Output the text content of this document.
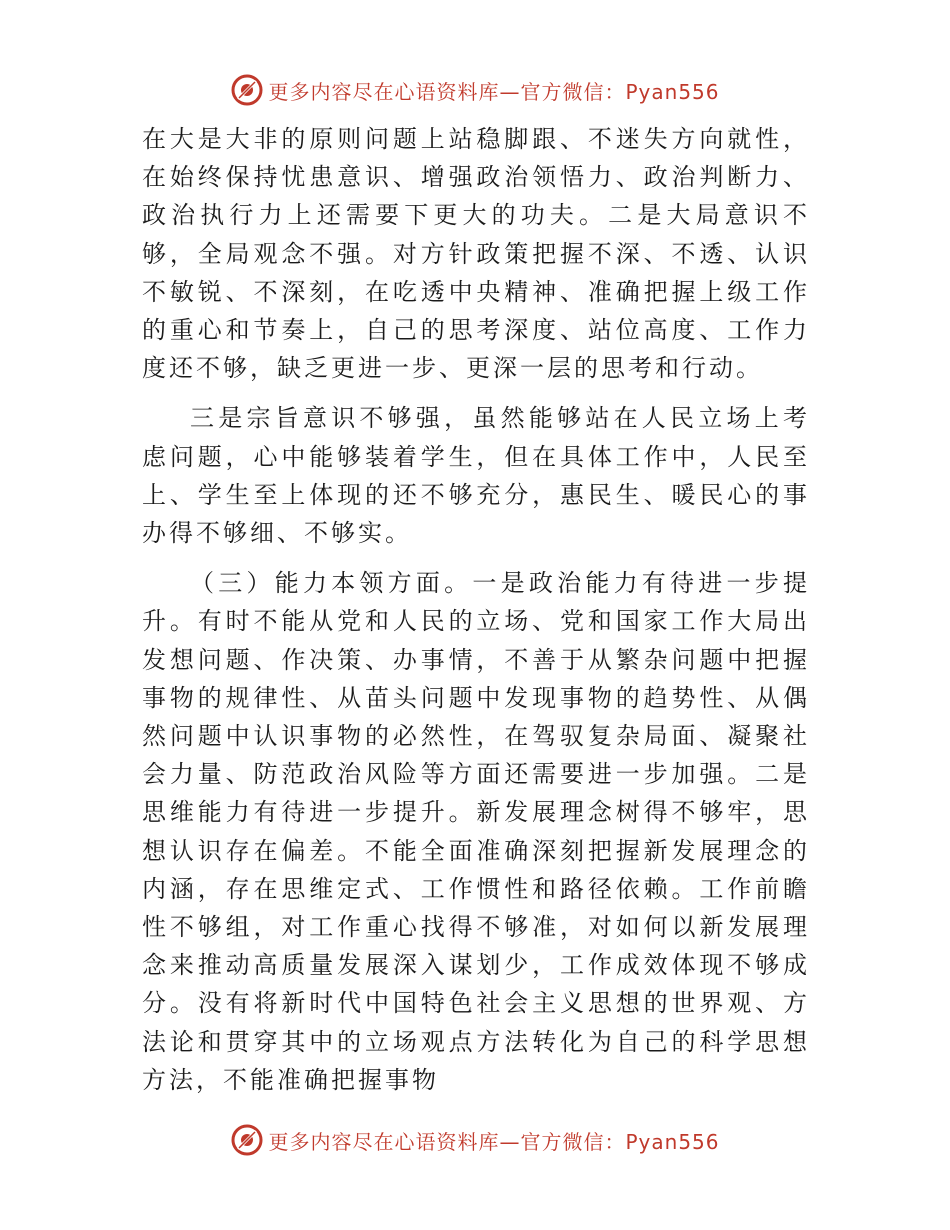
更多内容尽在心语资料库—官方微信：Pyan556

在大是大非的原则问题上站稳脚跟、不迷失方向就性，在始终保持忧患意识、增强政治领悟力、政治判断力、政治执行力上还需要下更大的功夫。二是大局意识不够，全局观念不强。对方针政策把握不深、不透、认识不敏锐、不深刻，在吃透中央精神、准确把握上级工作的重心和节奏上，自己的思考深度、站位高度、工作力度还不够，缺乏更进一步、更深一层的思考和行动。

三是宗旨意识不够强，虽然能够站在人民立场上考虑问题，心中能够装着学生，但在具体工作中，人民至上、学生至上体现的还不够充分，惠民生、暖民心的事办得不够细、不够实。

（三）能力本领方面。一是政治能力有待进一步提升。有时不能从党和人民的立场、党和国家工作大局出发想问题、作决策、办事情，不善于从繁杂问题中把握事物的规律性、从苗头问题中发现事物的趋势性、从偶然问题中认识事物的必然性，在驾驭复杂局面、凝聚社会力量、防范政治风险等方面还需要进一步加强。二是思维能力有待进一步提升。新发展理念树得不够牢，思想认识存在偏差。不能全面准确深刻把握新发展理念的内涵，存在思维定式、工作惯性和路径依赖。工作前瞻性不够组，对工作重心找得不够准，对如何以新发展理念来推动高质量发展深入谋划少，工作成效体现不够成分。没有将新时代中国特色社会主义思想的世界观、方法论和贯穿其中的立场观点方法转化为自己的科学思想方法，不能准确把握事物

更多内容尽在心语资料库—官方微信：Pyan556
